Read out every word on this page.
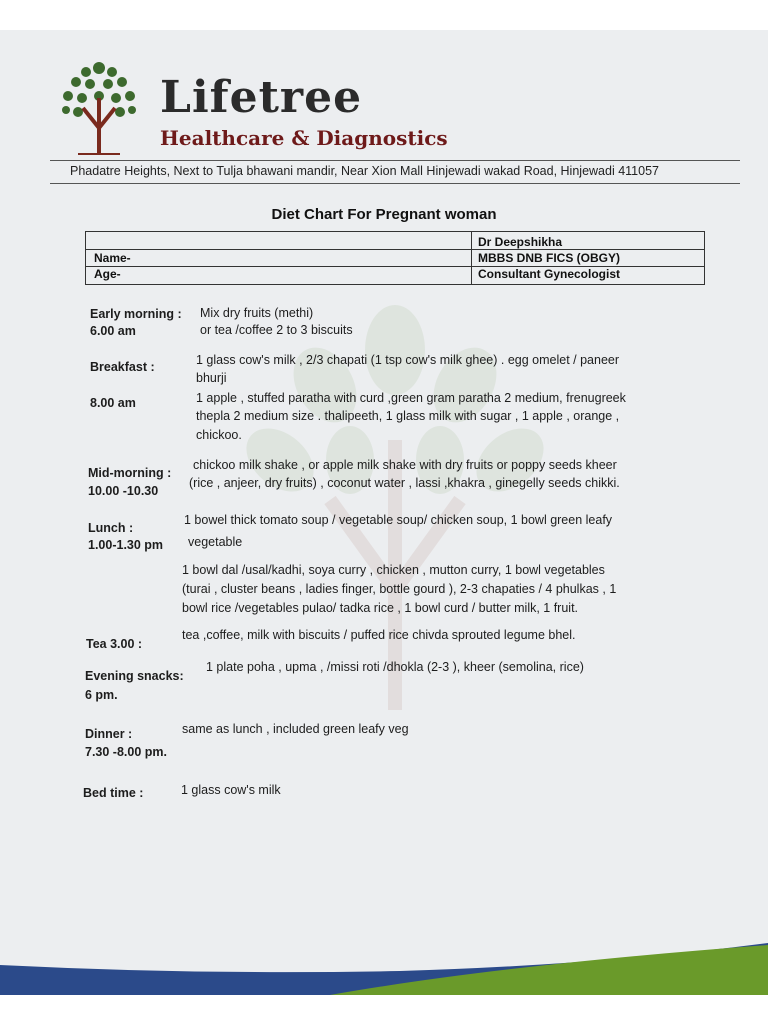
Lifetree
Healthcare & Diagnostics
Phadatre Heights, Next to Tulja bhawani mandir, Near Xion Mall Hinjewadi wakad Road, Hinjewadi 411057
Diet Chart For Pregnant woman
Name-
Age-
Dr Deepshikha
MBBS DNB FICS (OBGY)
Consultant Gynecologist
Early morning :
6.00 am
Mix dry fruits (methi)
or tea /coffee 2 to 3 biscuits
Breakfast :
8.00 am
1 glass cow's milk , 2/3 chapati (1 tsp cow's milk ghee) . egg omelet / paneer
bhurji
1 apple , stuffed paratha with curd ,green gram paratha 2 medium, frenugreek
thepla 2 medium size . thalipeeth, 1 glass milk with sugar , 1 apple , orange ,
chickoo.
Mid-morning :
10.00 -10.30
chickoo milk shake , or apple milk shake with dry fruits or poppy seeds kheer
(rice , anjeer, dry fruits) , coconut water , lassi ,khakra , ginegelly seeds chikki.
Lunch :
1.00-1.30 pm
1 bowel thick tomato soup / vegetable soup/ chicken soup, 1 bowl green leafy
vegetable
1 bowl dal /usal/kadhi, soya curry , chicken , mutton curry, 1 bowl vegetables
(turai , cluster beans , ladies finger, bottle gourd ), 2-3 chapaties / 4 phulkas , 1
bowl rice /vegetables pulao/ tadka rice , 1 bowl curd / butter milk, 1 fruit.
Tea 3.00 :
tea ,coffee, milk with biscuits / puffed rice chivda sprouted legume bhel.
Evening snacks:
6 pm.
1 plate poha , upma , /missi roti /dhokla (2-3 ), kheer (semolina, rice)
Dinner :
7.30 -8.00 pm.
same as lunch , included green leafy veg
Bed time :	1 glass cow's milk
